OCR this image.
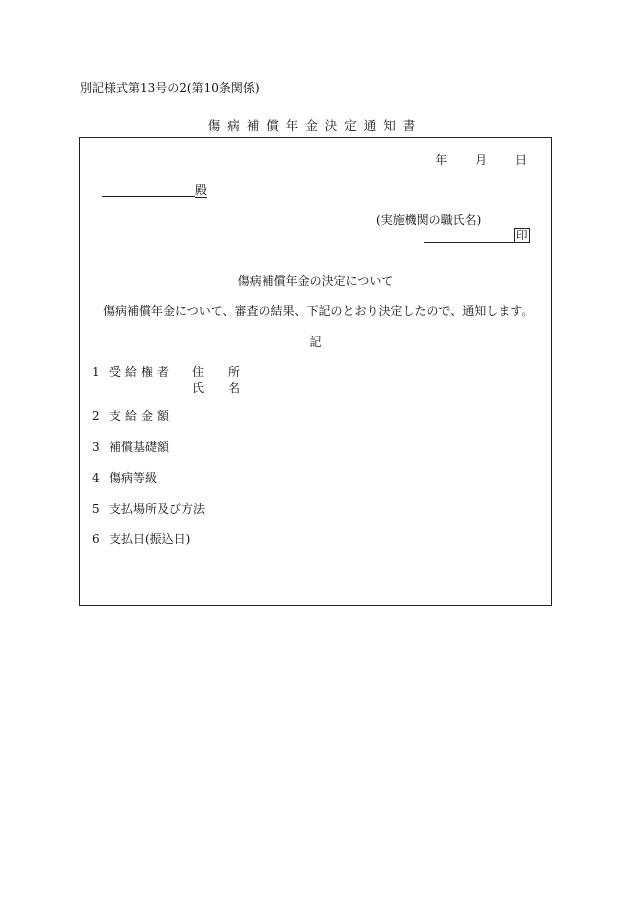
別記様式第13号の2(第10条関係)
傷病補償年金決定通知書
年 月 日
殿
(実施機関の職氏名)
印
傷病補償年金の決定について
傷病補償年金について、審査の結果、下記のとおり決定したので、通知します。
記
1 受給権者 住所
氏名
2 支給金額
3 補償基礎額
4 傷病等級
5 支払場所及び方法
6 支払日(振込日)
